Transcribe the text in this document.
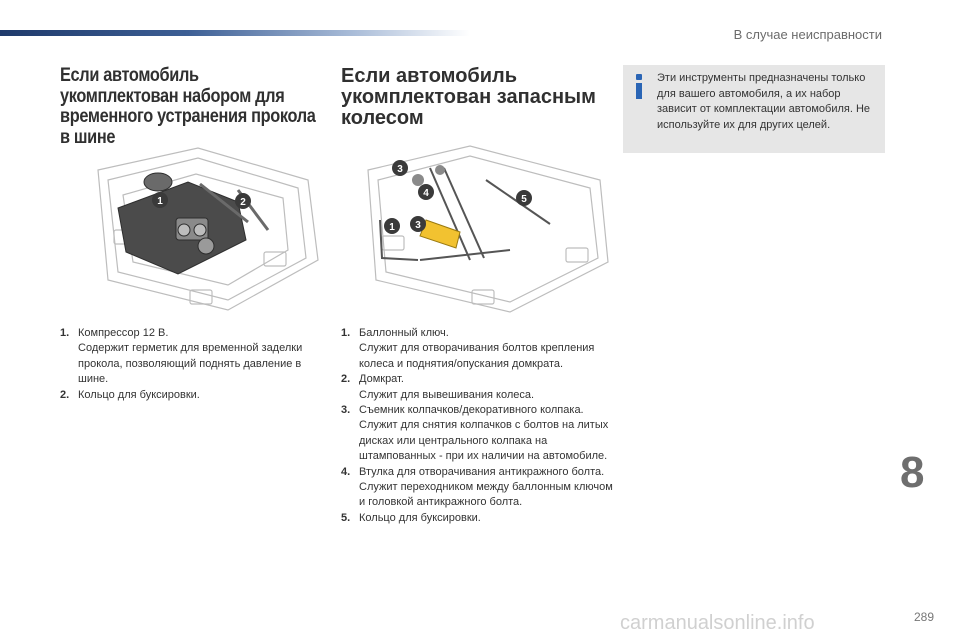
В случае неисправности
Если автомобиль укомплектован набором для временного устранения прокола в шине
Если автомобиль укомплектован запасным колесом
Эти инструменты предназначены только для вашего автомобиля, а их набор зависит от комплектации автомобиля. Не используйте их для других целей.
1	2
3
4
1 3
5
1. Компрессор 12 В.
Содержит герметик для временной заделки прокола, позволяющий поднять давление в шине.
2. Кольцо для буксировки.
1. Баллонный ключ.
Служит для отворачивания болтов крепления колеса и поднятия/опускания домкрата.
2. Домкрат.
Служит для вывешивания колеса.
3. Съемник колпачков/декоративного колпака.
Служит для снятия колпачков с болтов на литых дисках или центрального колпака на штампованных - при их наличии на автомобиле.
4. Втулка для отворачивания антикражного болта.
Служит переходником между баллонным ключом и головкой антикражного болта.
5. Кольцо для буксировки.
8
carmanualsonline.info	289
